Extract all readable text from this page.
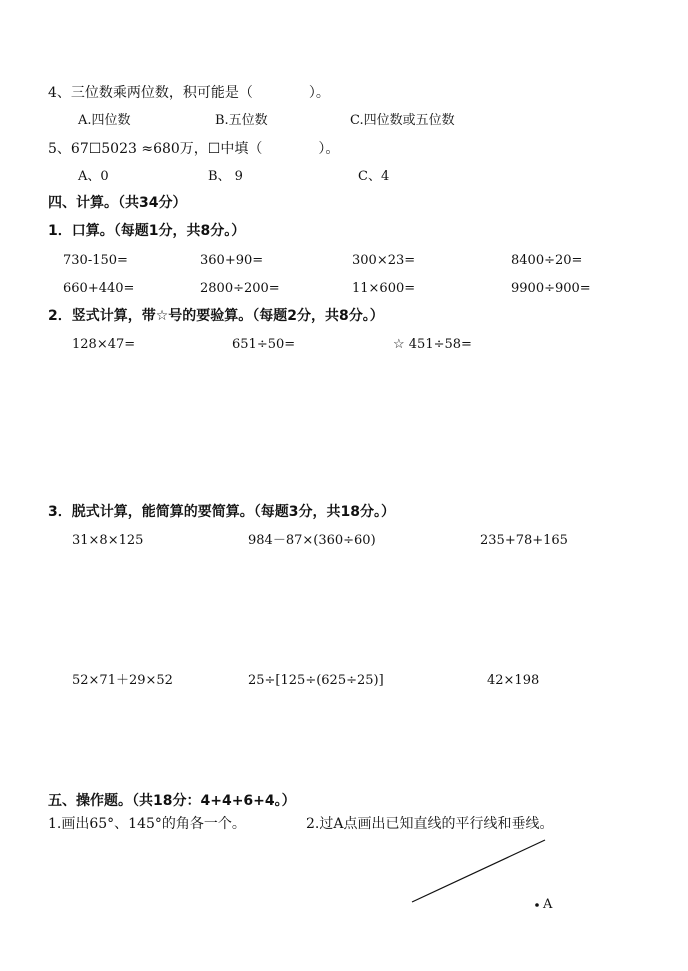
4、三位数乘两位数，积可能是（　　　　）。
A.四位数	B.五位数	C.四位数或五位数
5、67☐5023 ≈680万，☐中填（　　　　）。
A、0	B、 9	C、4
四、计算。（共34分）
1．口算。（每题1分，共8分。）
730-150=	360+90=	300×23=	8400÷20=
660+440=	2800÷200=	11×600=	9900÷900=
2．竖式计算，带☆号的要验算。（每题2分，共8分。）
128×47=	651÷50=	☆ 451÷58=
3．脱式计算，能简算的要简算。（每题3分，共18分。）
31×8×125	984－87×(360÷60)	235+78+165
52×71＋29×52	25÷[125÷(625÷25)]	42×198
五、操作题。（共18分：4+4+6+4。）
1.画出65°、145°的角各一个。	2.过A点画出已知直线的平行线和垂线。
A
